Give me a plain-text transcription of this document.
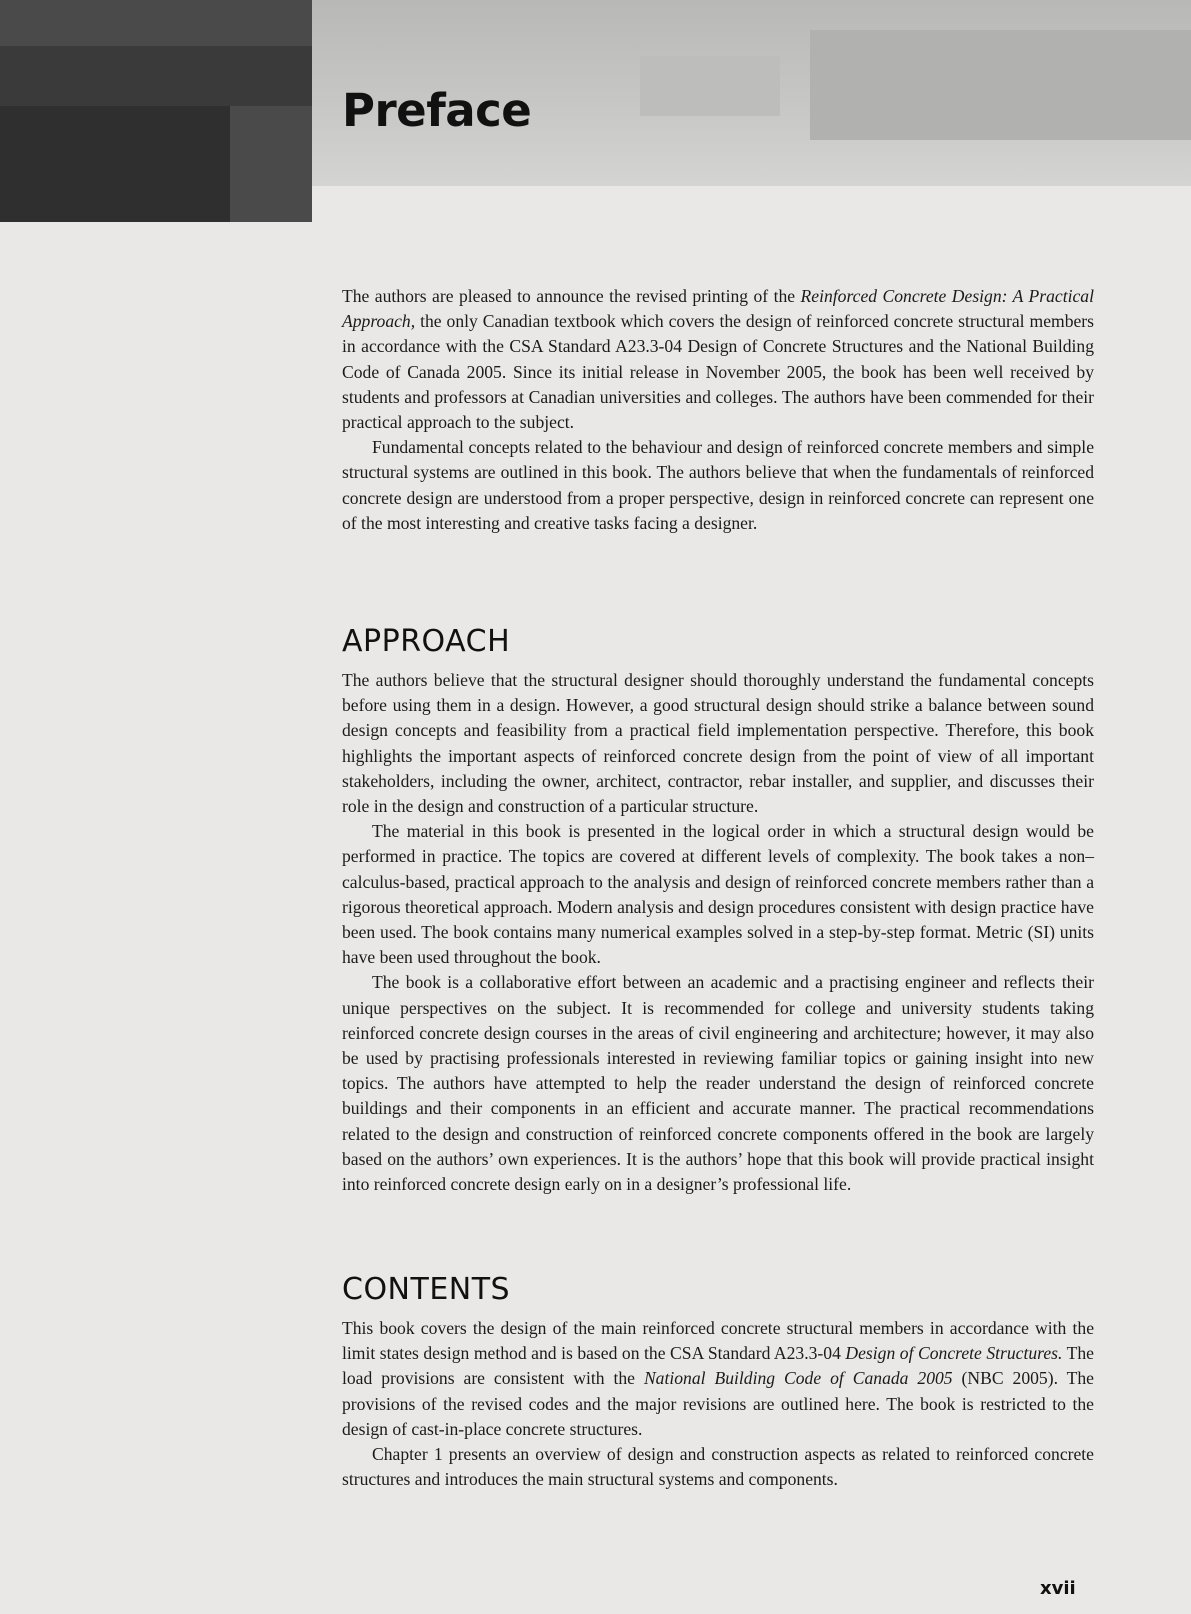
Preface

The authors are pleased to announce the revised printing of the Reinforced Concrete Design: A Practical Approach, the only Canadian textbook which covers the design of reinforced concrete structural members in accordance with the CSA Standard A23.3-04 Design of Concrete Structures and the National Building Code of Canada 2005. Since its initial release in November 2005, the book has been well received by students and professors at Canadian universities and colleges. The authors have been commended for their practical approach to the subject.

Fundamental concepts related to the behaviour and design of reinforced concrete members and simple structural systems are outlined in this book. The authors believe that when the fundamentals of reinforced concrete design are understood from a proper perspective, design in reinforced concrete can represent one of the most interesting and creative tasks facing a designer.

APPROACH

The authors believe that the structural designer should thoroughly understand the fundamental concepts before using them in a design. However, a good structural design should strike a balance between sound design concepts and feasibility from a practical field implementation perspective. Therefore, this book highlights the important aspects of reinforced concrete design from the point of view of all important stakeholders, including the owner, architect, contractor, rebar installer, and supplier, and discusses their role in the design and construction of a particular structure.

The material in this book is presented in the logical order in which a structural design would be performed in practice. The topics are covered at different levels of complexity. The book takes a non–calculus-based, practical approach to the analysis and design of reinforced concrete members rather than a rigorous theoretical approach. Modern analysis and design procedures consistent with design practice have been used. The book contains many numerical examples solved in a step-by-step format. Metric (SI) units have been used throughout the book.

The book is a collaborative effort between an academic and a practising engineer and reflects their unique perspectives on the subject. It is recommended for college and university students taking reinforced concrete design courses in the areas of civil engineering and architecture; however, it may also be used by practising professionals interested in reviewing familiar topics or gaining insight into new topics. The authors have attempted to help the reader understand the design of reinforced concrete buildings and their components in an efficient and accurate manner. The practical recommendations related to the design and construction of reinforced concrete components offered in the book are largely based on the authors’ own experiences. It is the authors’ hope that this book will provide practical insight into reinforced concrete design early on in a designer’s professional life.

CONTENTS

This book covers the design of the main reinforced concrete structural members in accordance with the limit states design method and is based on the CSA Standard A23.3-04 Design of Concrete Structures. The load provisions are consistent with the National Building Code of Canada 2005 (NBC 2005). The provisions of the revised codes and the major revisions are outlined here. The book is restricted to the design of cast-in-place concrete structures.

Chapter 1 presents an overview of design and construction aspects as related to reinforced concrete structures and introduces the main structural systems and components.

xvii
